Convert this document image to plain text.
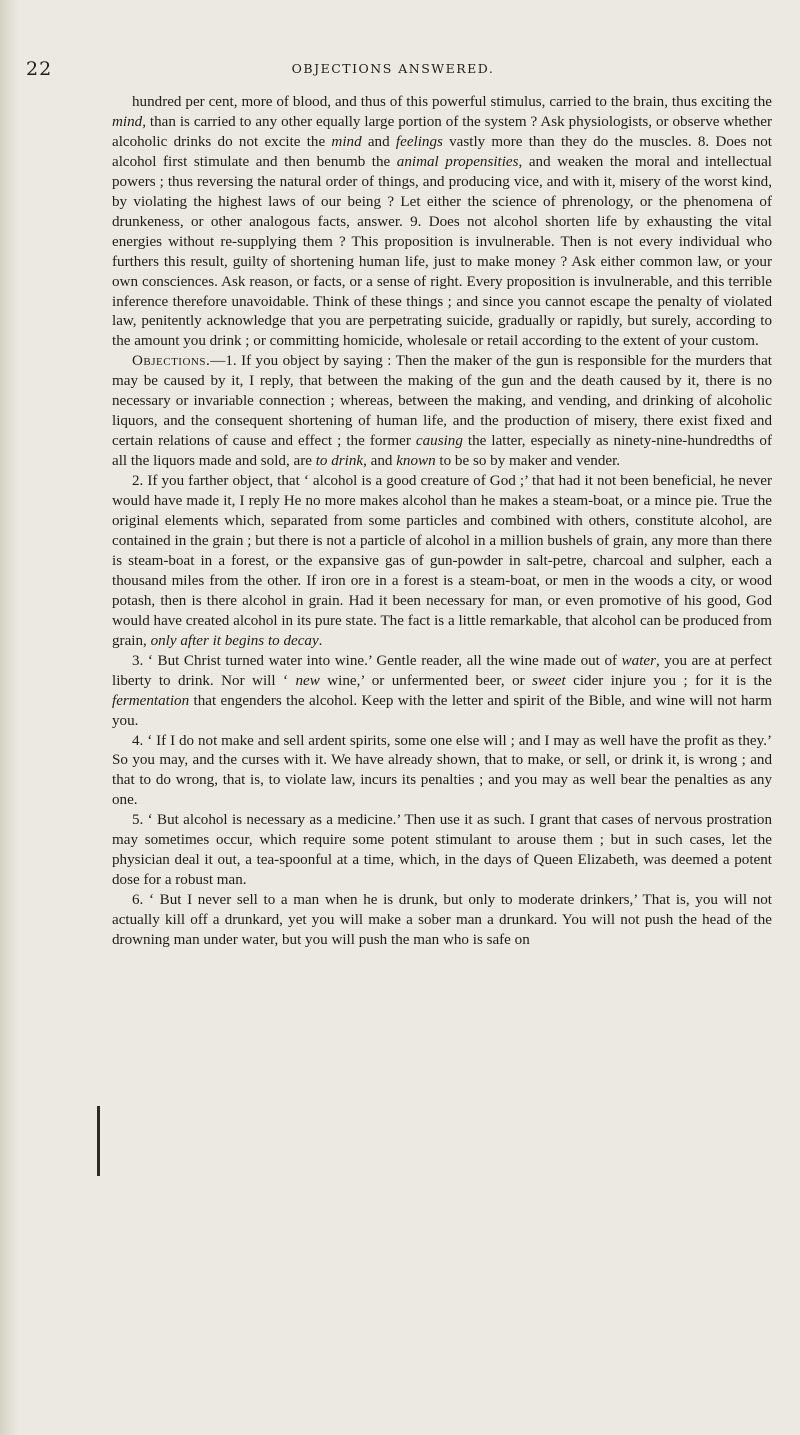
22	OBJECTIONS ANSWERED.

hundred per cent, more of blood, and thus of this powerful stimulus, carried to the brain, thus exciting the mind, than is carried to any other equally large portion of the system ? Ask physiologists, or observe whether alcoholic drinks do not excite the mind and feelings vastly more than they do the muscles. 8. Does not alcohol first stimulate and then benumb the animal propensities, and weaken the moral and intellectual powers ; thus reversing the natural order of things, and producing vice, and with it, misery of the worst kind, by violating the highest laws of our being ? Let either the science of phrenology, or the phenomena of drunkeness, or other analogous facts, answer. 9. Does not alcohol shorten life by exhausting the vital energies without re-supplying them ? This proposition is invulnerable. Then is not every individual who furthers this result, guilty of shortening human life, just to make money ? Ask either common law, or your own consciences. Ask reason, or facts, or a sense of right. Every proposition is invulnerable, and this terrible inference therefore unavoidable. Think of these things ; and since you cannot escape the penalty of violated law, penitently acknowledge that you are perpetrating suicide, gradually or rapidly, but surely, according to the amount you drink ; or committing homicide, wholesale or retail according to the extent of your custom.

Objections.—1. If you object by saying : Then the maker of the gun is responsible for the murders that may be caused by it, I reply, that between the making of the gun and the death caused by it, there is no necessary or invariable connection ; whereas, between the making, and vending, and drinking of alcoholic liquors, and the consequent shortening of human life, and the production of misery, there exist fixed and certain relations of cause and effect ; the former causing the latter, especially as ninety-nine-hundredths of all the liquors made and sold, are to drink, and known to be so by maker and vender.

2. If you farther object, that ‘ alcohol is a good creature of God ;’ that had it not been beneficial, he never would have made it, I reply He no more makes alcohol than he makes a steam-boat, or a mince pie. True the original elements which, separated from some particles and combined with others, constitute alcohol, are contained in the grain ; but there is not a particle of alcohol in a million bushels of grain, any more than there is steam-boat in a forest, or the expansive gas of gun-powder in salt-petre, charcoal and sulpher, each a thousand miles from the other. If iron ore in a forest is a steam-boat, or men in the woods a city, or wood potash, then is there alcohol in grain. Had it been necessary for man, or even promotive of his good, God would have created alcohol in its pure state. The fact is a little remarkable, that alcohol can be produced from grain, only after it begins to decay.

3. ‘ But Christ turned water into wine.’ Gentle reader, all the wine made out of water, you are at perfect liberty to drink. Nor will ‘ new wine,’ or unfermented beer, or sweet cider injure you ; for it is the fermentation that engenders the alcohol. Keep with the letter and spirit of the Bible, and wine will not harm you.

4. ‘ If I do not make and sell ardent spirits, some one else will ; and I may as well have the profit as they.’ So you may, and the curses with it. We have already shown, that to make, or sell, or drink it, is wrong ; and that to do wrong, that is, to violate law, incurs its penalties ; and you may as well bear the penalties as any one.

5. ‘ But alcohol is necessary as a medicine.’ Then use it as such. I grant that cases of nervous prostration may sometimes occur, which require some potent stimulant to arouse them ; but in such cases, let the physician deal it out, a tea-spoonful at a time, which, in the days of Queen Elizabeth, was deemed a potent dose for a robust man.

6. ‘ But I never sell to a man when he is drunk, but only to moderate drinkers,’ That is, you will not actually kill off a drunkard, yet you will make a sober man a drunkard. You will not push the head of the drowning man under water, but you will push the man who is safe on
